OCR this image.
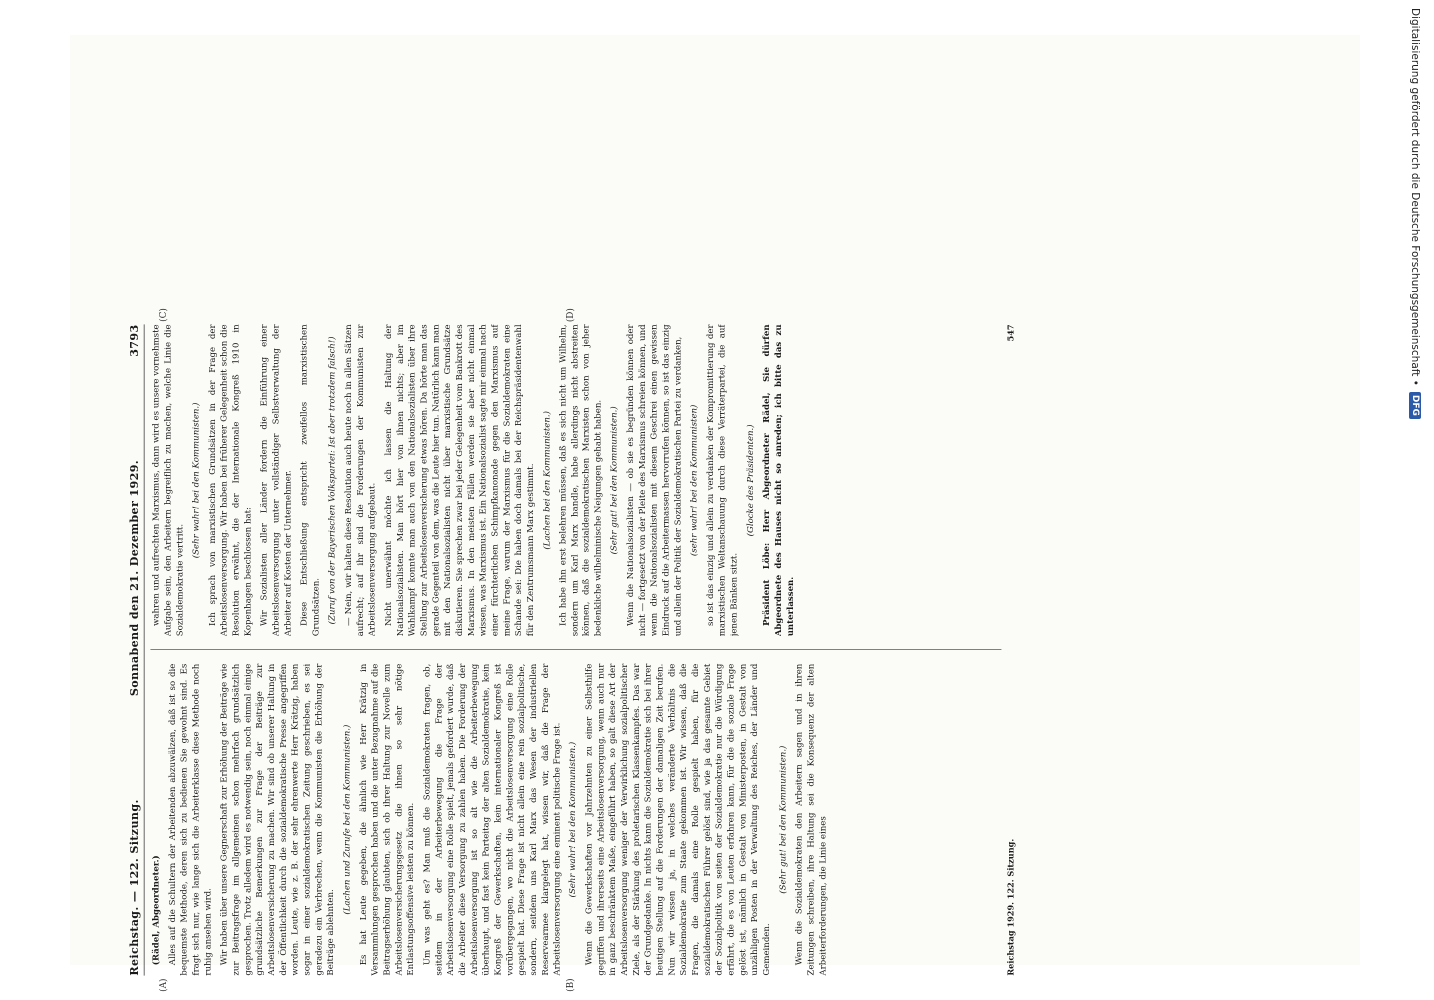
Reichstag. — 122. Sitzung.
Sonnabend den 21. Dezember 1929.
3793

(Rädel, Abgeordneter.) Alles auf die Schultern der Arbeitenden abzuwälzen, daß ist so die bequemste Methode, deren sich zu bedienen Sie gewohnt sind. Es fragt sich nur, wie lange sich die Arbeiterklasse diese Methode noch ruhig ansehen wird. Wir haben über unsere Gegnerschaft zur Erhöhung der Beiträge wie zur Beitragsfrage im allgemeinen schon mehrfach grundsätzlich gesprochen. Trotz alledem wird es notwendig sein, noch einmal einige grundsätzliche Bemerkungen zur Frage der Beiträge zur Arbeitslosenversicherung zu machen. Wir sind ob unserer Haltung in der Öffentlichkeit durch die sozialdemokratische Presse angegriffen worden. Leute, wie z. B. der sehr ehrenwerte Herr Krätzig, haben sogar in einer sozialdemokratischen Zeitung geschrieben, es sei geradezu ein Verbrechen, wenn die Kommunisten die Erhöhung der Beiträge ablehnten.

(Lachen und Zurufe bei den Kommunisten.) Es hat Leute gegeben, die ähnlich wie Herr Krätzig in Versammlungen gesprochen haben und die unter Bezugnahme auf die Beitragserhöhung glaubten, sich ob ihrer Haltung zur Novelle zum Arbeitslosenversicherungsgesetz die ihnen so sehr nötige Entlastungsoffensive leisten zu können. Um was geht es? Man muß die Sozialdemokraten fragen, ob, seitdem in der Arbeiterbewegung die Frage der Arbeitslosenversorgung eine Rolle spielt, jemals gefordert wurde, daß die Arbeiter diese Versorgung zu zahlen haben. Die Forderung der Arbeitslosenversorgung ist so alt wie die Arbeiterbewegung überhaupt, und fast kein Parteitag der alten Sozialdemokratie, kein Kongreß der Gewerkschaften, kein internationaler Kongreß ist vorübergegangen, wo nicht die Arbeitslosenversorgung eine Rolle gespielt hat. Diese Frage ist nicht allein eine rein sozialpolitische, sondern, seitdem uns Karl Marx das Wesen der industriellen Reservearmee klargelegt hat, wissen wir, daß die Frage der Arbeitslosenversorgung eine eminent politische Frage ist. (Sehr wahr! bei den Kommunisten.) Wenn die Gewerkschaften vor Jahrzehnten zu einer Selbsthilfe gegriffen und ihrerseits eine Arbeitslosenversorgung, wenn auch nur in ganz beschränktem Maße, eingeführt haben, so galt diese Art der Arbeitslosenversorgung weniger der Verwirklichung sozialpolitischer Ziele, als der Stärkung des proletarischen Klassenkampfes. Das war der Grundgedanke. In nichts kann die Sozialdemokratie sich bei ihrer heutigen Stellung auf die Forderungen der damaligen Zeit berufen. Nun wir wissen ja, in welches veränderte Verhältnis die Sozialdemokratie zum Staate gekommen ist. Wir wissen, daß die Fragen, die damals eine Rolle gespielt haben, für die sozialdemokratischen Führer gelöst sind, wie ja das gesamte Gebiet der Sozialpolitik von seiten der Sozialdemokratie nur die Würdigung erfährt, die es von Leuten erfahren kann, für die die soziale Frage gelöst ist, nämlich in Gestalt von Ministerposten, in Gestalt von unzähligen Posten in der Verwaltung des Reiches, der Länder und Gemeinden.

(Sehr gut! bei den Kommunisten.) Wenn die Sozialdemokraten den Arbeitern sagen und in ihren Zeitungen schreiben, ihre Haltung sei die Konsequenz der alten Arbeiterforderungen, die Linie eines

wahren und aufrechten Marxismus, dann wird es unsere vornehmste Aufgabe sein, den Arbeitern begreiflich zu machen, welche Linie die Sozialdemokratie vertritt.

(Sehr wahr! bei den Kommunisten.) Ich sprach von marxistischen Grundsätzen in der Frage der Arbeitslosenversorgung. Wir haben bei früherer Gelegenheit schon die Resolution erwähnt, die der Internationale Kongreß 1910 in Kopenhagen beschlossen hat: Wir Sozialisten aller Länder fordern die Einführung einer Arbeitslosenversorgung unter vollständiger Selbstverwaltung der Arbeiter auf Kosten der Unternehmer. Diese Entschließung entspricht zweifellos marxistischen Grundsätzen. (Zuruf von der Bayerischen Volkspartei: Ist aber trotzdem falsch!) — Nein, wir halten diese Resolution auch heute noch in allen Sätzen aufrecht; auf ihr sind die Forderungen der Kommunisten zur Arbeitslosenversorgung aufgebaut. Nicht unerwähnt möchte ich lassen die Haltung der Nationalsozialisten. Man hört hier von ihnen nichts; aber im Wahlkampf konnte man auch von den Nationalsozialisten über ihre Stellung zur Arbeitslosenversicherung etwas hören. Da hörte man das gerade Gegenteil von dem, was die Leute hier tun. Natürlich kann man mit den Nationalsozialisten nicht über marxistische Grundsätze diskutieren. Sie sprechen zwar bei jeder Gelegenheit vom Bankrott des Marxismus. In den meisten Fällen werden sie aber nicht einmal wissen, was Marxismus ist. Ein Nationalsozialist sagte mir einmal nach einer fürchterlichen Schimpfkanonade gegen den Marxismus auf meine Frage, warum der Marxismus für die Sozialdemokraten eine Schande sei: Die haben doch damals bei der Reichspräsidentenwahl für den Zentrumsmann Marx gestimmt. (Lachen bei den Kommunisten.) Ich habe ihn erst belehren müssen, daß es sich nicht um Wilhelm, sondern um Karl Marx handle, habe allerdings nicht abstreiten können, daß die sozialdemokratischen Marxisten schon von jeher bedenkliche wilhelminische Neigungen gehabt haben. (Sehr gut! bei den Kommunisten.) Wenn die Nationalsozialisten — ob sie es begründen können oder nicht — fortgesetzt von der Pleite des Marxismus schreien können, und wenn die Nationalsozialisten mit diesem Geschrei einen gewissen Eindruck auf die Arbeitermassen hervorrufen können, so ist das einzig und allein der Politik der Sozialdemokratischen Partei zu verdanken, (sehr wahr! bei den Kommunisten) so ist das einzig und allein zu verdanken der Kompromittierung der marxistischen Weltanschauung durch diese Verräterpartei, die auf jenen Bänken sitzt.

(Glocke des Präsidenten.) Präsident Löbe: Herr Abgeordneter Rädel, Sie dürfen Abgeordnete des Hauses nicht so anreden; ich bitte das zu unterlassen.

(A)	(B)
(C)	(D)
Reichstag 1929. 122. Sitzung.
547	Digitalisierung gefördert durch die Deutsche Forschungsgemeinschaft •
DFG
